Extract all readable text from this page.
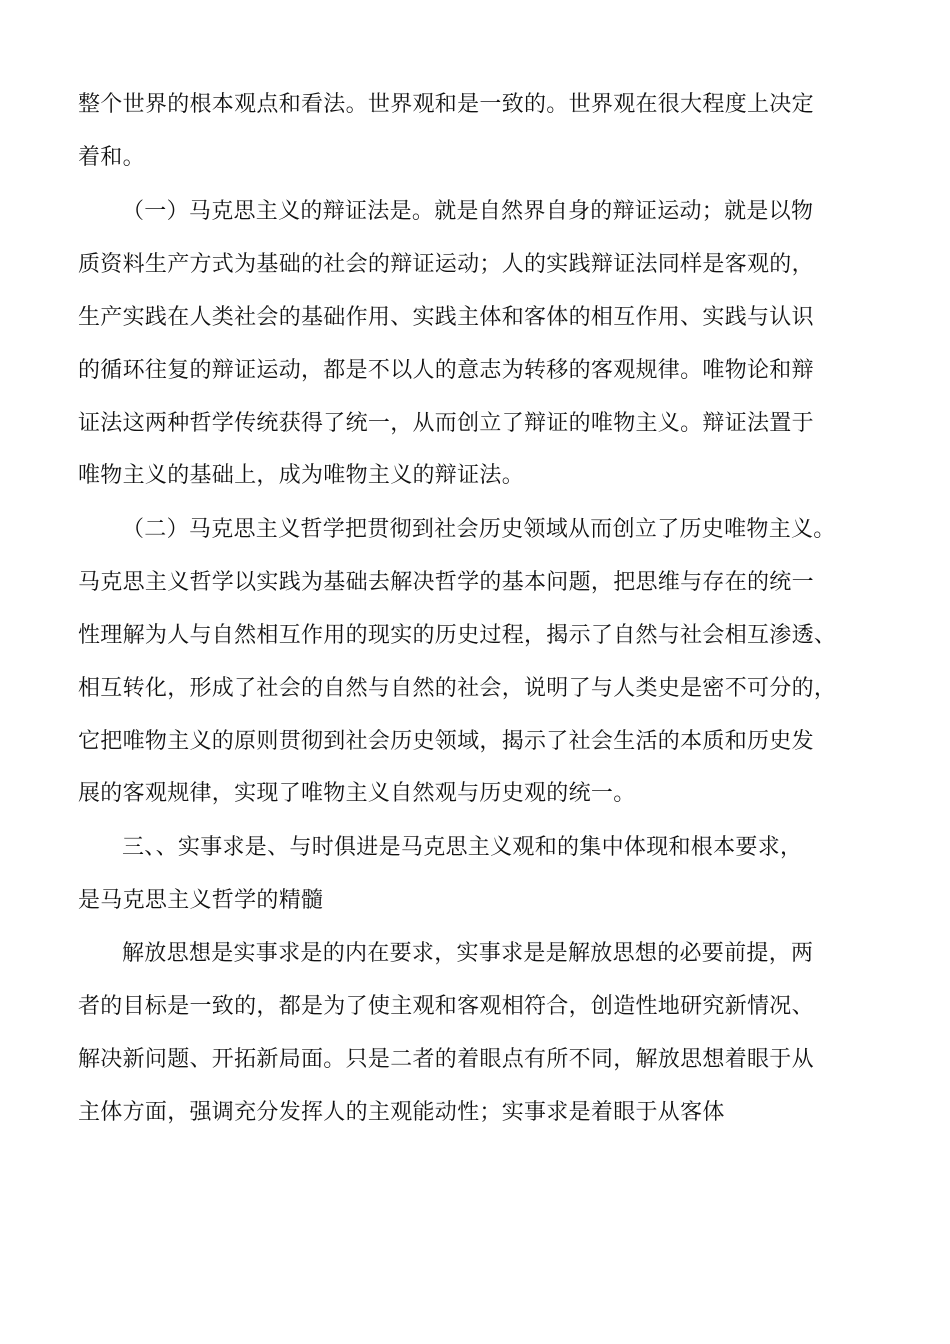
整个世界的根本观点和看法。世界观和是一致的。世界观在很大程度上决定
着和。
（一）马克思主义的辩证法是。就是自然界自身的辩证运动；就是以物
质资料生产方式为基础的社会的辩证运动；人的实践辩证法同样是客观的，
生产实践在人类社会的基础作用、实践主体和客体的相互作用、实践与认识
的循环往复的辩证运动，都是不以人的意志为转移的客观规律。唯物论和辩
证法这两种哲学传统获得了统一，从而创立了辩证的唯物主义。辩证法置于
唯物主义的基础上，成为唯物主义的辩证法。
（二）马克思主义哲学把贯彻到社会历史领域从而创立了历史唯物主义。
马克思主义哲学以实践为基础去解决哲学的基本问题，把思维与存在的统一
性理解为人与自然相互作用的现实的历史过程，揭示了自然与社会相互渗透、
相互转化，形成了社会的自然与自然的社会，说明了与人类史是密不可分的，
它把唯物主义的原则贯彻到社会历史领域，揭示了社会生活的本质和历史发
展的客观规律，实现了唯物主义自然观与历史观的统一。
三、、实事求是、与时俱进是马克思主义观和的集中体现和根本要求，
是马克思主义哲学的精髓
解放思想是实事求是的内在要求，实事求是是解放思想的必要前提，两
者的目标是一致的，都是为了使主观和客观相符合，创造性地研究新情况、
解决新问题、开拓新局面。只是二者的着眼点有所不同，解放思想着眼于从
主体方面，强调充分发挥人的主观能动性；实事求是着眼于从客体
